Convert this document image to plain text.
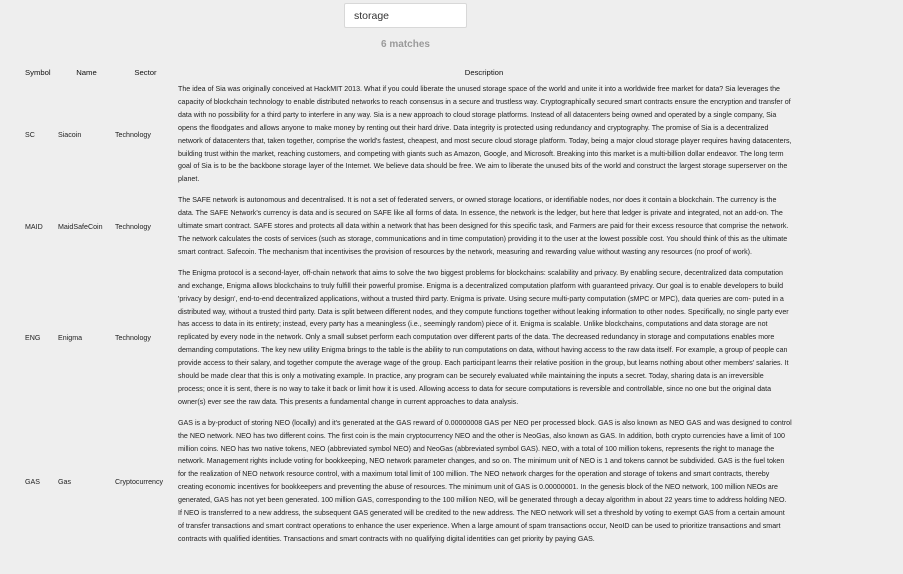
storage
6 matches
Symbol	Name	Sector	Description
SC	Siacoin	Technology	The idea of Sia was originally conceived at HackMIT 2013. What if you could liberate the unused storage space of the world and unite it into a worldwide free market for data? Sia leverages the capacity of blockchain technology to enable distributed networks to reach consensus in a secure and trustless way. Cryptographically secured smart contracts ensure the encryption and transfer of data with no possibility for a third party to interfere in any way. Sia is a new approach to cloud storage platforms. Instead of all datacenters being owned and operated by a single company, Sia opens the floodgates and allows anyone to make money by renting out their hard drive. Data integrity is protected using redundancy and cryptography. The promise of Sia is a decentralized network of datacenters that, taken together, comprise the world's fastest, cheapest, and most secure cloud storage platform. Today, being a major cloud storage player requires having datacenters, building trust within the market, reaching customers, and competing with giants such as Amazon, Google, and Microsoft. Breaking into this market is a multi-billion dollar endeavor. The long term goal of Sia is to be the backbone storage layer of the Internet. We believe data should be free. We aim to liberate the unused bits of the world and construct the largest storage superserver on the planet.
MAID	MaidSafeCoin	Technology	The SAFE network is autonomous and decentralised. It is not a set of federated servers, or owned storage locations, or identifiable nodes, nor does it contain a blockchain. The currency is the data. The SAFE Network's currency is data and is secured on SAFE like all forms of data. In essence, the network is the ledger, but here that ledger is private and integrated, not an add-on. The ultimate smart contract. SAFE stores and protects all data within a network that has been designed for this specific task, and Farmers are paid for their excess resource that comprise the network. The network calculates the costs of services (such as storage, communications and in time computation) providing it to the user at the lowest possible cost. You should think of this as the ultimate smart contract. Safecoin. The mechanism that incentivises the provision of resources by the network, measuring and rewarding value without wasting any resources (no proof of work).
ENG	Enigma	Technology	The Enigma protocol is a second-layer, off-chain network that aims to solve the two biggest problems for blockchains: scalability and privacy. By enabling secure, decentralized data computation and exchange, Enigma allows blockchains to truly fulfill their powerful promise. Enigma is a decentralized computation platform with guaranteed privacy. Our goal is to enable developers to build 'privacy by design', end-to-end decentralized applications, without a trusted third party. Enigma is private. Using secure multi-party computation (sMPC or MPC), data queries are com- puted in a distributed way, without a trusted third party. Data is split between different nodes, and they compute functions together without leaking information to other nodes. Specifically, no single party ever has access to data in its entirety; instead, every party has a meaningless (i.e., seemingly random) piece of it. Enigma is scalable. Unlike blockchains, computations and data storage are not replicated by every node in the network. Only a small subset perform each computation over different parts of the data. The decreased redundancy in storage and computations enables more demanding computations. The key new utility Enigma brings to the table is the ability to run computations on data, without having access to the raw data itself. For example, a group of people can provide access to their salary, and together compute the average wage of the group. Each participant learns their relative position in the group, but learns nothing about other members' salaries. It should be made clear that this is only a motivating example. In practice, any program can be securely evaluated while maintaining the inputs a secret. Today, sharing data is an irreversible process; once it is sent, there is no way to take it back or limit how it is used. Allowing access to data for secure computations is reversible and controllable, since no one but the original data owner(s) ever see the raw data. This presents a fundamental change in current approaches to data analysis.
GAS	Gas	Cryptocurrency	GAS is a by-product of storing NEO (locally) and it's generated at the GAS reward of 0.00000008 GAS per NEO per processed block. GAS is also known as NEO GAS and was designed to control the NEO network. NEO has two different coins. The first coin is the main cryptocurrency NEO and the other is NeoGas, also known as GAS. In addition, both crypto currencies have a limit of 100 million coins. NEO has two native tokens, NEO (abbreviated symbol NEO) and NeoGas (abbreviated symbol GAS). NEO, with a total of 100 million tokens, represents the right to manage the network. Management rights include voting for bookkeeping, NEO network parameter changes, and so on. The minimum unit of NEO is 1 and tokens cannot be subdivided. GAS is the fuel token for the realization of NEO network resource control, with a maximum total limit of 100 million. The NEO network charges for the operation and storage of tokens and smart contracts, thereby creating economic incentives for bookkeepers and preventing the abuse of resources. The minimum unit of GAS is 0.00000001. In the genesis block of the NEO network, 100 million NEOs are generated, GAS has not yet been generated. 100 million GAS, corresponding to the 100 million NEO, will be generated through a decay algorithm in about 22 years time to address holding NEO. If NEO is transferred to a new address, the subsequent GAS generated will be credited to the new address. The NEO network will set a threshold by voting to exempt GAS from a certain amount of transfer transactions and smart contract operations to enhance the user experience. When a large amount of spam transactions occur, NeoID can be used to prioritize transactions and smart contracts with qualified identities. Transactions and smart contracts with no qualifying digital identities can get priority by paying GAS.
